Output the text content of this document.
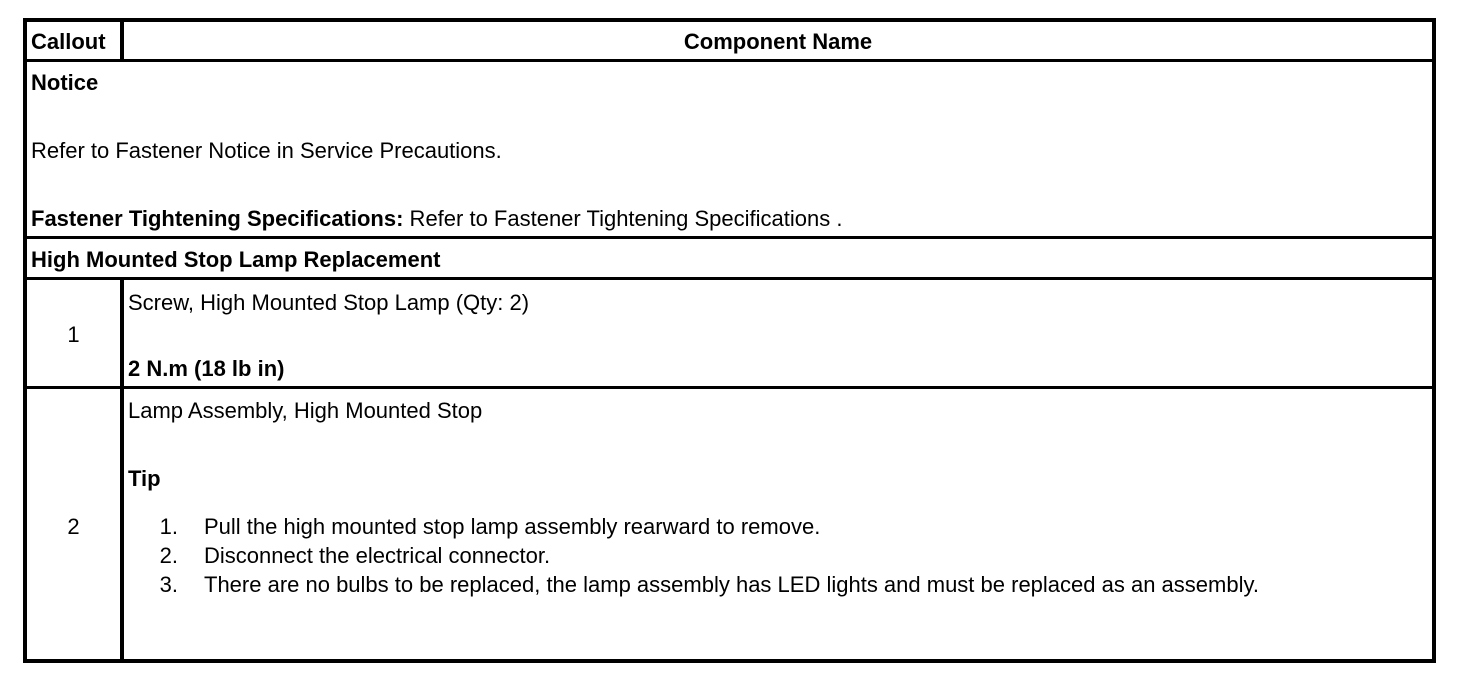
Callout	Component Name
Notice
Refer to Fastener Notice in Service Precautions.
Fastener Tightening Specifications: Refer to Fastener Tightening Specifications .
High Mounted Stop Lamp Replacement
1
Screw, High Mounted Stop Lamp (Qty: 2)
2 N.m (18 lb in)
2
Lamp Assembly, High Mounted Stop
Tip
1. Pull the high mounted stop lamp assembly rearward to remove.
2. Disconnect the electrical connector.
3. There are no bulbs to be replaced, the lamp assembly has LED lights and must be replaced as an assembly.
